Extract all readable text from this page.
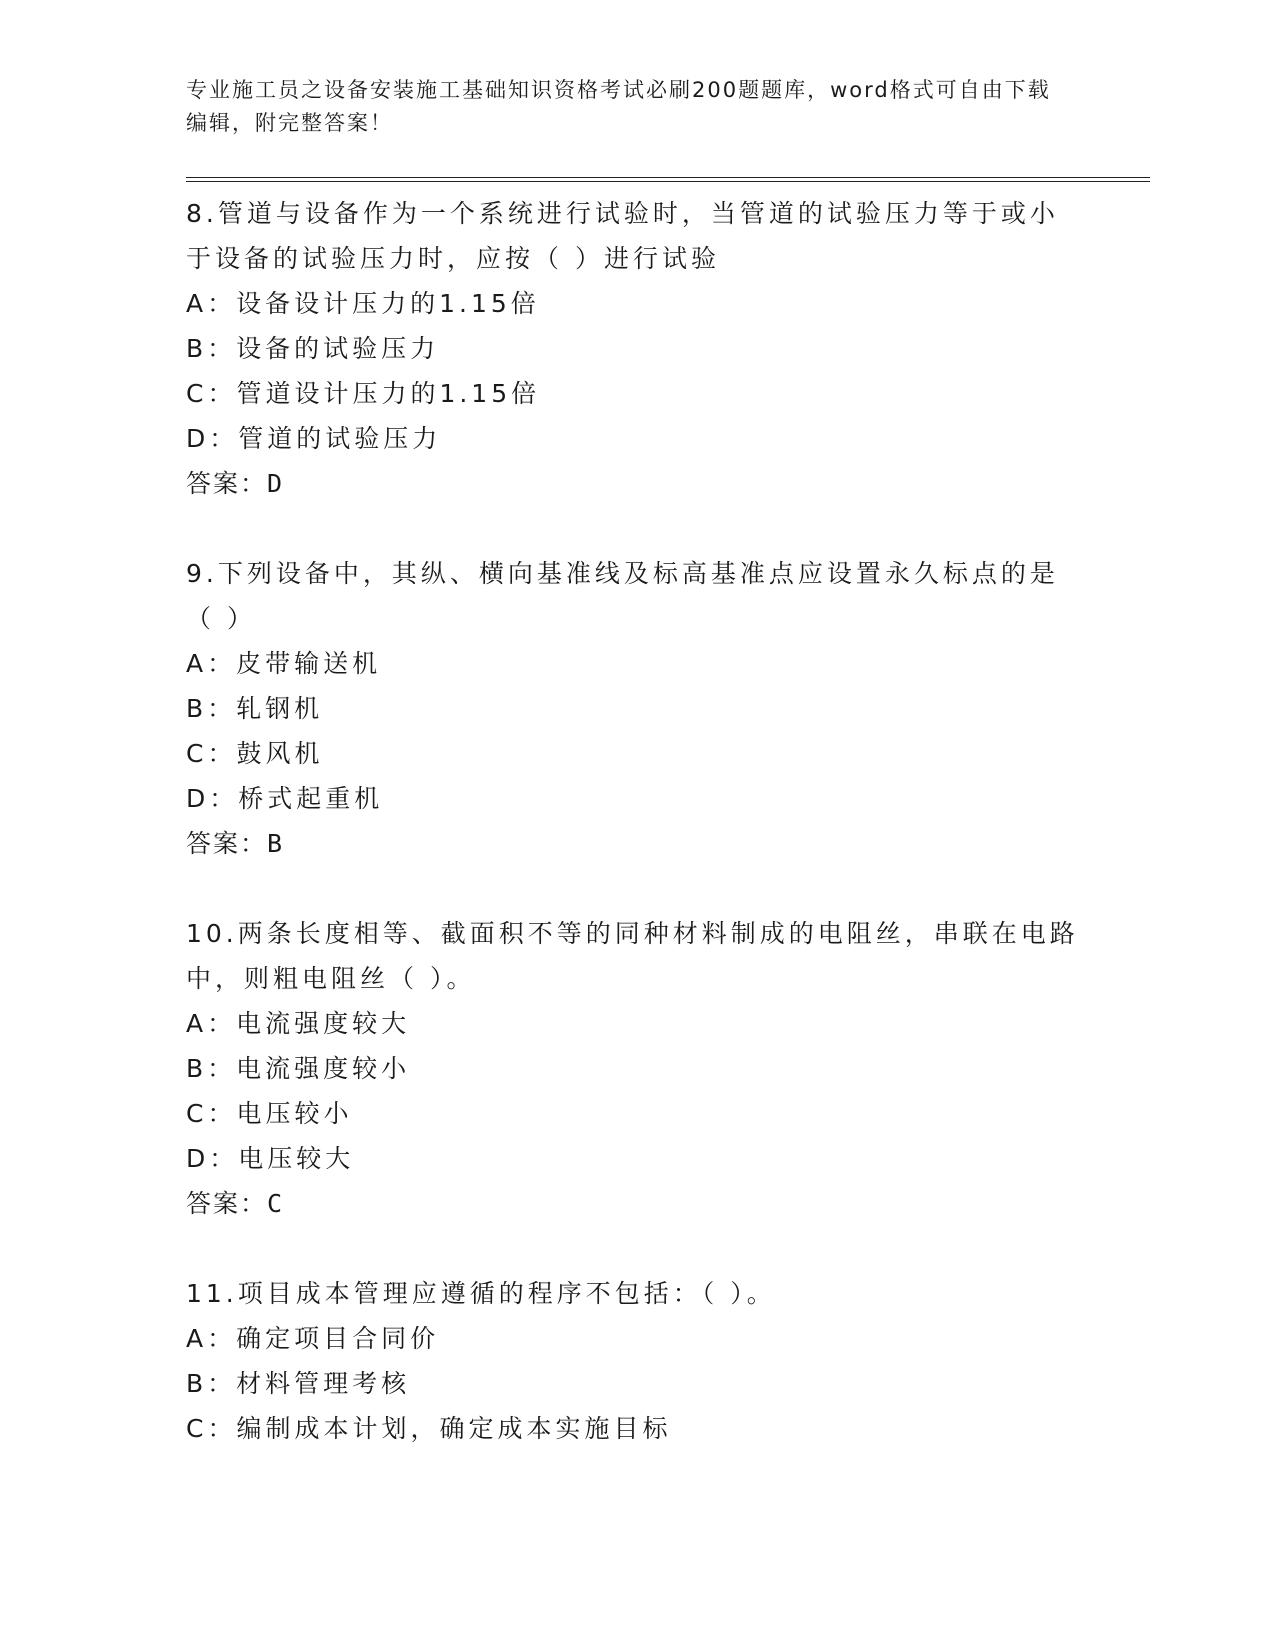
专业施工员之设备安装施工基础知识资格考试必刷200题题库，word格式可自由下载编辑，附完整答案！

8.管道与设备作为一个系统进行试验时，当管道的试验压力等于或小于设备的试验压力时，应按（ ）进行试验

A：设备设计压力的1.15倍

B：设备的试验压力

C：管道设计压力的1.15倍

D：管道的试验压力

答案：D

9.下列设备中，其纵、横向基准线及标高基准点应设置永久标点的是（ ）

A：皮带输送机

B：轧钢机

C：鼓风机

D：桥式起重机

答案：B

10.两条长度相等、截面积不等的同种材料制成的电阻丝，串联在电路中，则粗电阻丝（ ）。

A：电流强度较大

B：电流强度较小

C：电压较小

D：电压较大

答案：C

11.项目成本管理应遵循的程序不包括：（ ）。

A：确定项目合同价

B：材料管理考核

C：编制成本计划，确定成本实施目标
